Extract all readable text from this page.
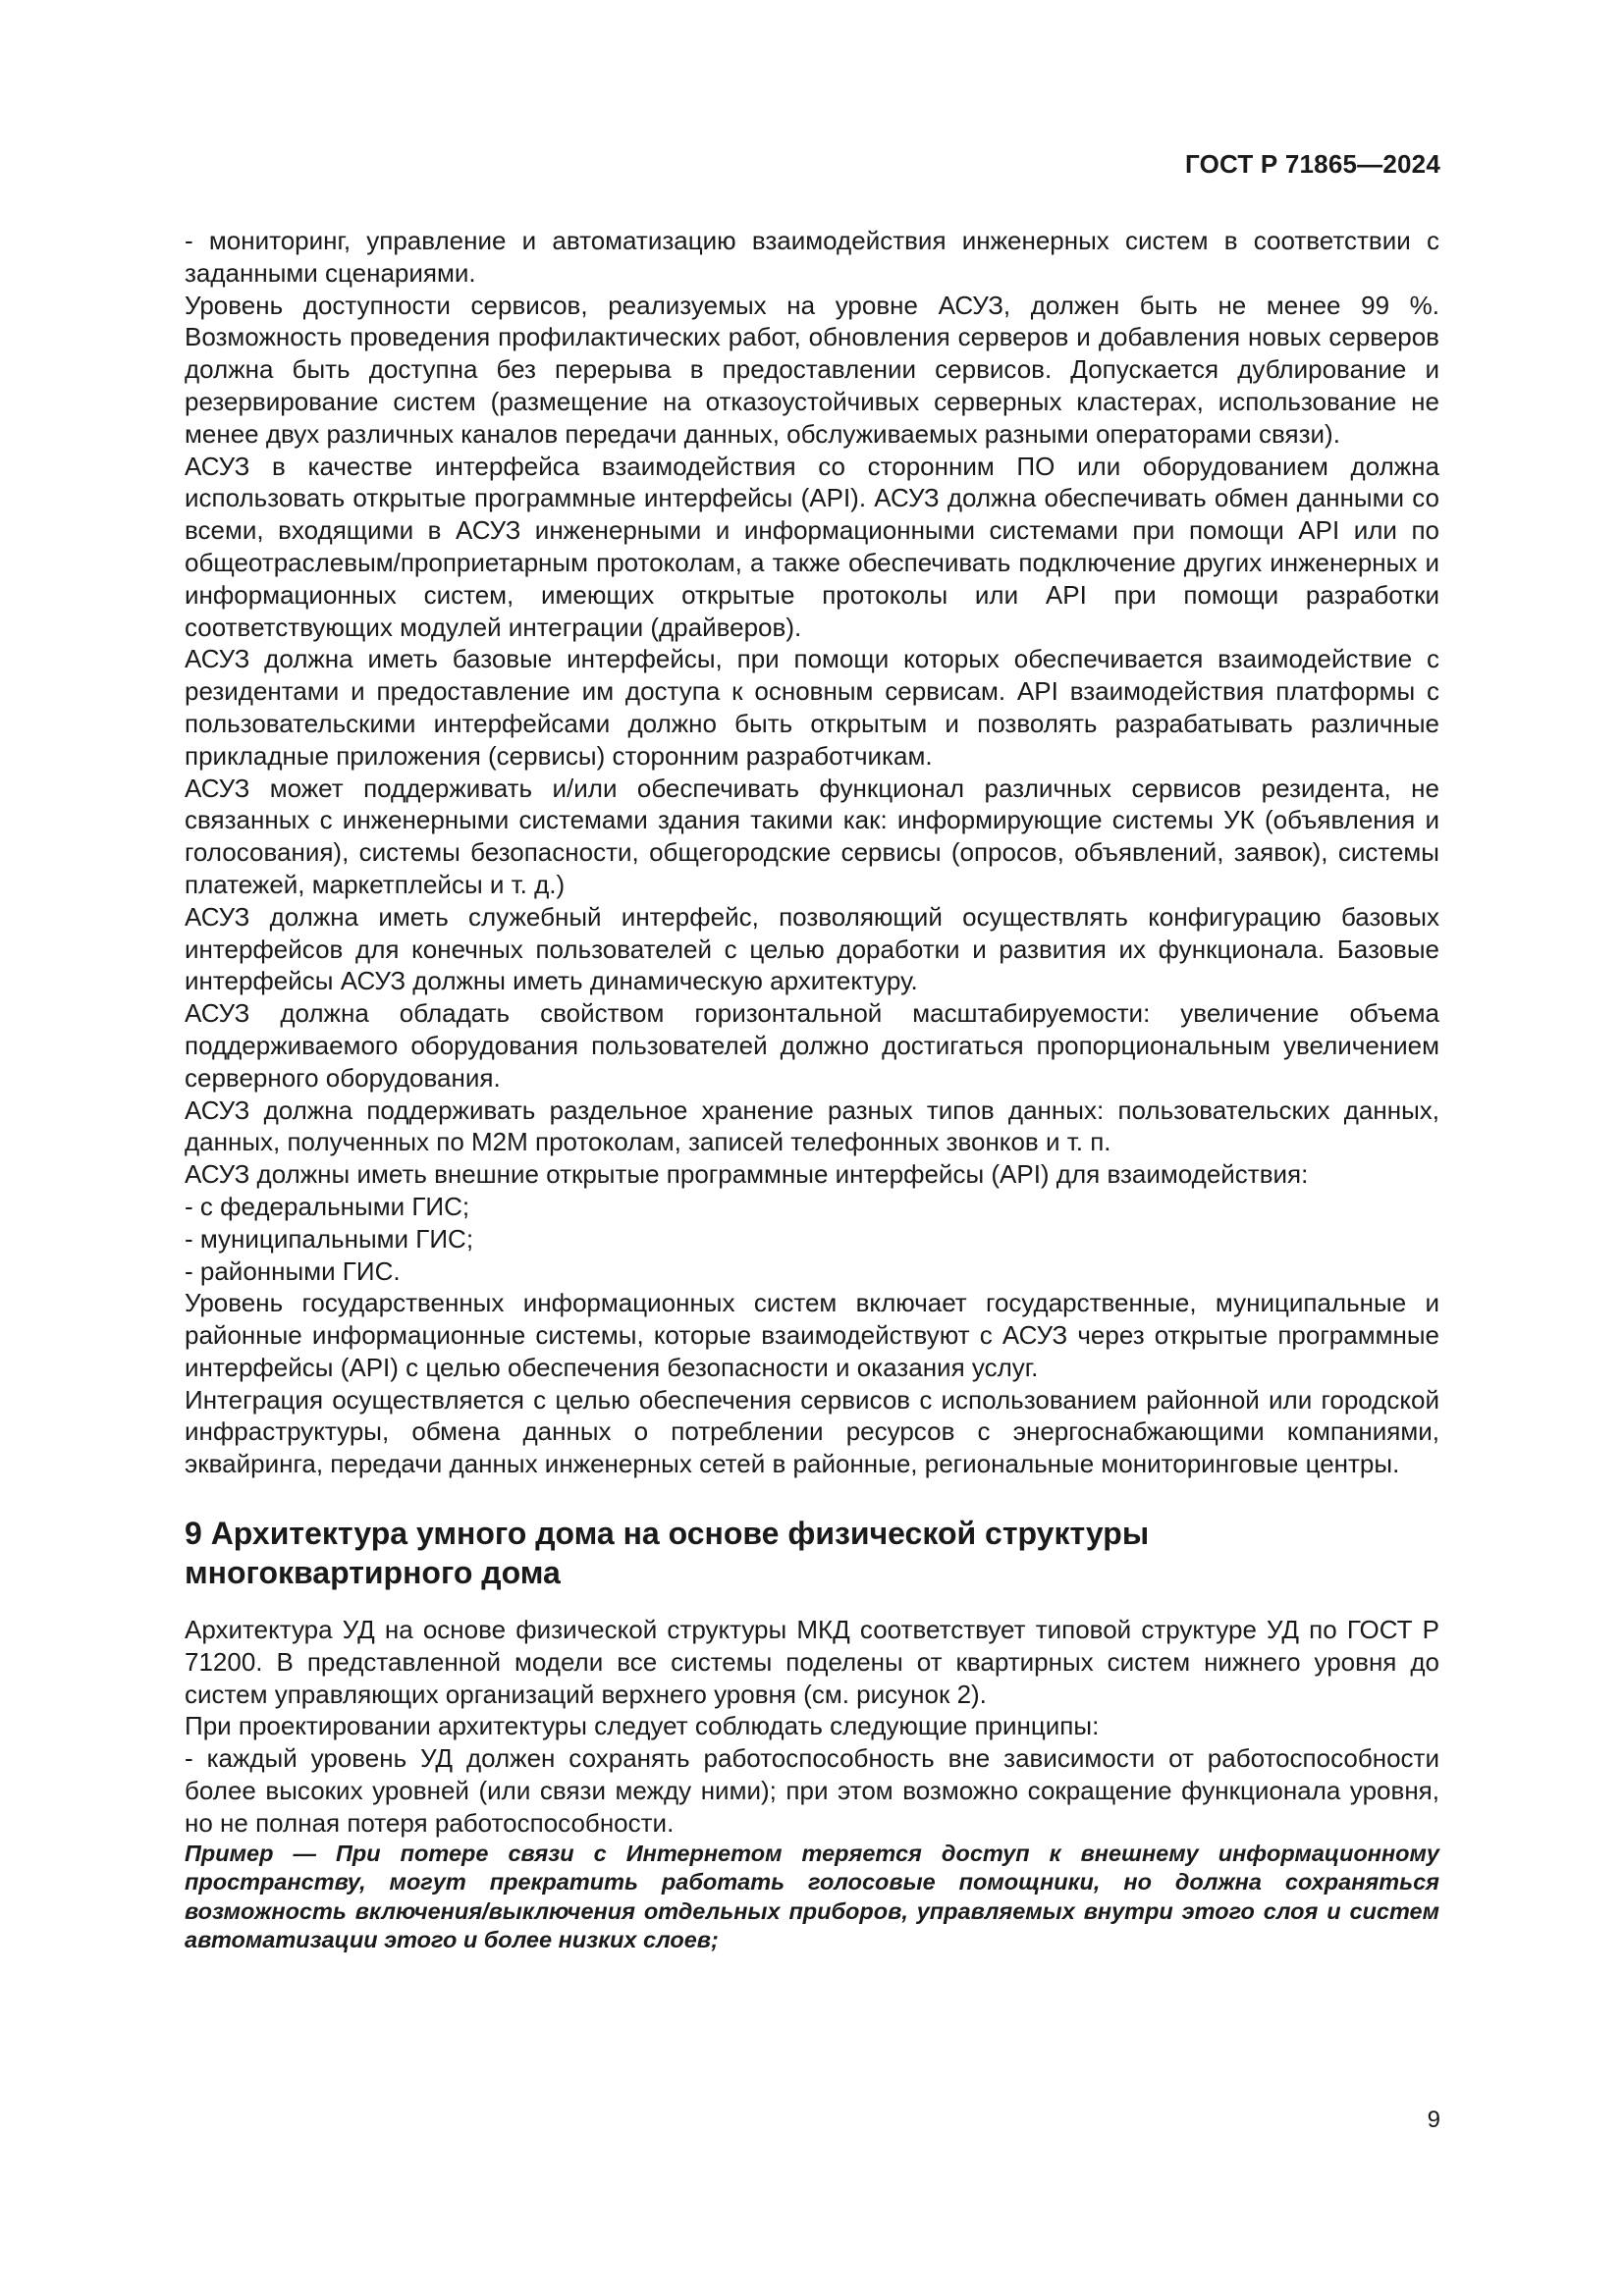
ГОСТ Р 71865—2024

- мониторинг, управление и автоматизацию взаимодействия инженерных систем в соответствии с заданными сценариями.

Уровень доступности сервисов, реализуемых на уровне АСУЗ, должен быть не менее 99 %. Возможность проведения профилактических работ, обновления серверов и добавления новых серверов должна быть доступна без перерыва в предоставлении сервисов. Допускается дублирование и резервирование систем (размещение на отказоустойчивых серверных кластерах, использование не менее двух различных каналов передачи данных, обслуживаемых разными операторами связи).

АСУЗ в качестве интерфейса взаимодействия со сторонним ПО или оборудованием должна использовать открытые программные интерфейсы (API). АСУЗ должна обеспечивать обмен данными со всеми, входящими в АСУЗ инженерными и информационными системами при помощи API или по общеотраслевым/проприетарным протоколам, а также обеспечивать подключение других инженерных и информационных систем, имеющих открытые протоколы или API при помощи разработки соответствующих модулей интеграции (драйверов).

АСУЗ должна иметь базовые интерфейсы, при помощи которых обеспечивается взаимодействие с резидентами и предоставление им доступа к основным сервисам. API взаимодействия платформы с пользовательскими интерфейсами должно быть открытым и позволять разрабатывать различные прикладные приложения (сервисы) сторонним разработчикам.

АСУЗ может поддерживать и/или обеспечивать функционал различных сервисов резидента, не связанных с инженерными системами здания такими как: информирующие системы УК (объявления и голосования), системы безопасности, общегородские сервисы (опросов, объявлений, заявок), системы платежей, маркетплейсы и т. д.)

АСУЗ должна иметь служебный интерфейс, позволяющий осуществлять конфигурацию базовых интерфейсов для конечных пользователей с целью доработки и развития их функционала. Базовые интерфейсы АСУЗ должны иметь динамическую архитектуру.

АСУЗ должна обладать свойством горизонтальной масштабируемости: увеличение объема поддерживаемого оборудования пользователей должно достигаться пропорциональным увеличением серверного оборудования.

АСУЗ должна поддерживать раздельное хранение разных типов данных: пользовательских данных, данных, полученных по M2M протоколам, записей телефонных звонков и т. п.

АСУЗ должны иметь внешние открытые программные интерфейсы (API) для взаимодействия:

- с федеральными ГИС;

- муниципальными ГИС;

- районными ГИС.

Уровень государственных информационных систем включает государственные, муниципальные и районные информационные системы, которые взаимодействуют с АСУЗ через открытые программные интерфейсы (API) с целью обеспечения безопасности и оказания услуг.

Интеграция осуществляется с целью обеспечения сервисов с использованием районной или городской инфраструктуры, обмена данных о потреблении ресурсов с энергоснабжающими компаниями, эквайринга, передачи данных инженерных сетей в районные, региональные мониторинговые центры.

9 Архитектура умного дома на основе физической структуры
многоквартирного дома

Архитектура УД на основе физической структуры МКД соответствует типовой структуре УД по ГОСТ Р 71200. В представленной модели все системы поделены от квартирных систем нижнего уровня до систем управляющих организаций верхнего уровня (см. рисунок 2).

При проектировании архитектуры следует соблюдать следующие принципы:

- каждый уровень УД должен сохранять работоспособность вне зависимости от работоспособности более высоких уровней (или связи между ними); при этом возможно сокращение функционала уровня, но не полная потеря работоспособности.

Пример — При потере связи с Интернетом теряется доступ к внешнему информационному пространству, могут прекратить работать голосовые помощники, но должна сохраняться возможность включения/выключения отдельных приборов, управляемых внутри этого слоя и систем автоматизации этого и более низких слоев;

9
